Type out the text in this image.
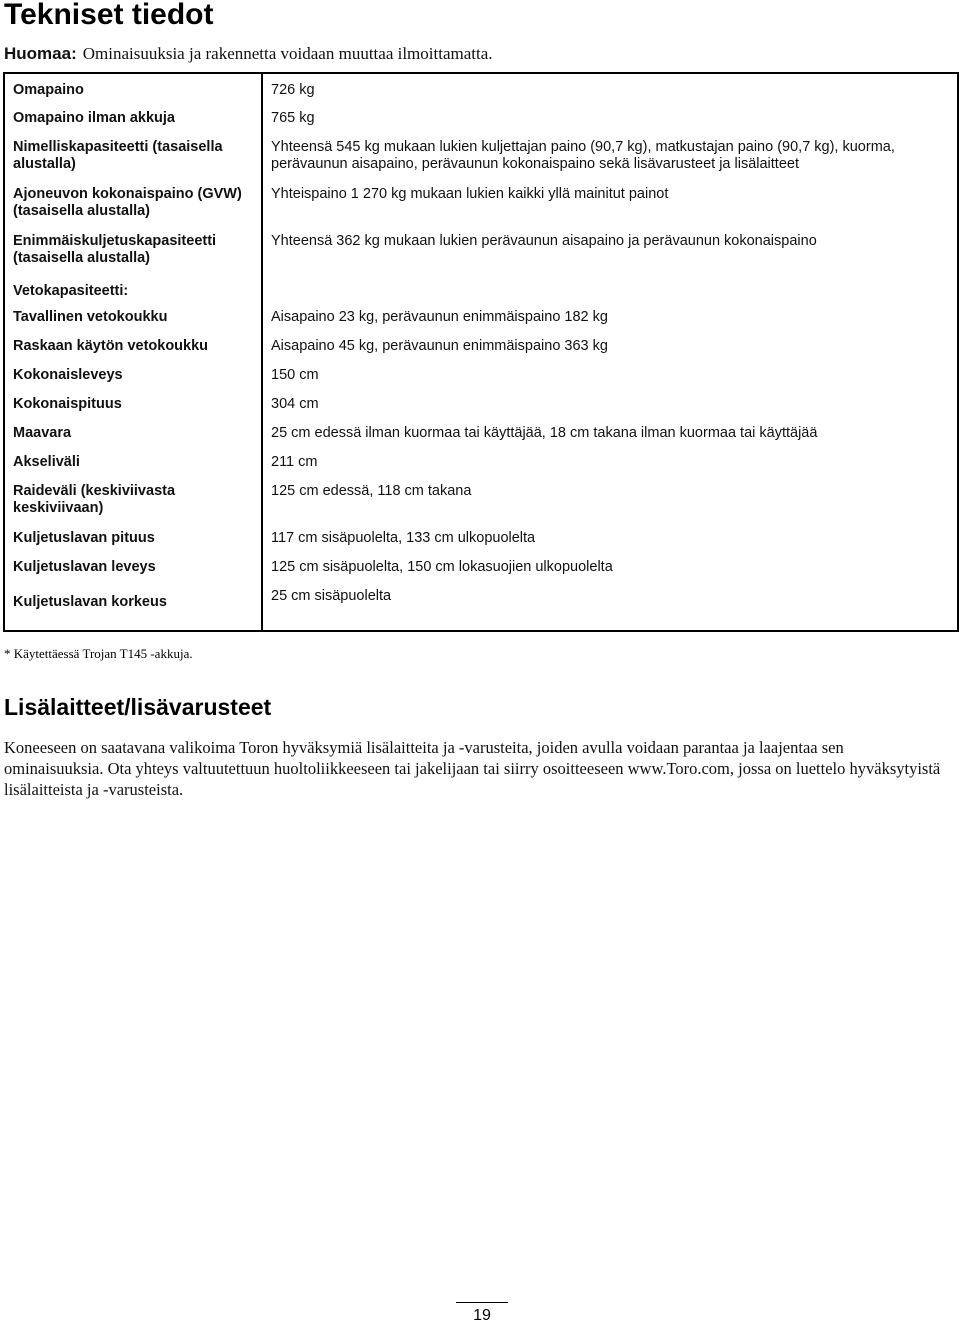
Tekniset tiedot
Huomaa: Ominaisuuksia ja rakennetta voidaan muuttaa ilmoittamatta.
Omapaino	726 kg
Omapaino ilman akkuja	765 kg
Nimelliskapasiteetti (tasaisella alustalla)	Yhteensä 545 kg mukaan lukien kuljettajan paino (90,7 kg), matkustajan paino (90,7 kg), kuorma, perävaunun aisapaino, perävaunun kokonaispaino sekä lisävarusteet ja lisälaitteet
Ajoneuvon kokonaispaino (GVW) (tasaisella alustalla)	Yhteispaino 1 270 kg mukaan lukien kaikki yllä mainitut painot
Enimmäiskuljetuskapasiteetti (tasaisella alustalla)	Yhteensä 362 kg mukaan lukien perävaunun aisapaino ja perävaunun kokonaispaino
Vetokapasiteetti:	
Tavallinen vetokoukku	Aisapaino 23 kg, perävaunun enimmäispaino 182 kg
Raskaan käytön vetokoukku	Aisapaino 45 kg, perävaunun enimmäispaino 363 kg
Kokonaisleveys	150 cm
Kokonaispituus	304 cm
Maavara	25 cm edessä ilman kuormaa tai käyttäjää, 18 cm takana ilman kuormaa tai käyttäjää
Akseliväli	211 cm
Raideväli (keskiviivasta keskiviivaan)	125 cm edessä, 118 cm takana
Kuljetuslavan pituus	117 cm sisäpuolelta, 133 cm ulkopuolelta
Kuljetuslavan leveys	125 cm sisäpuolelta, 150 cm lokasuojien ulkopuolelta
Kuljetuslavan korkeus	25 cm sisäpuolelta
* Käytettäessä Trojan T145 -akkuja.
Lisälaitteet/lisävarusteet

Koneeseen on saatavana valikoima Toron hyväksymiä lisälaitteita ja -varusteita, joiden avulla voidaan parantaa ja laajentaa sen ominaisuuksia. Ota yhteys valtuutettuun huoltoliikkeeseen tai jakelijaan tai siirry osoitteeseen www.Toro.com, jossa on luettelo hyväksytyistä lisälaitteista ja -varusteista.

19
